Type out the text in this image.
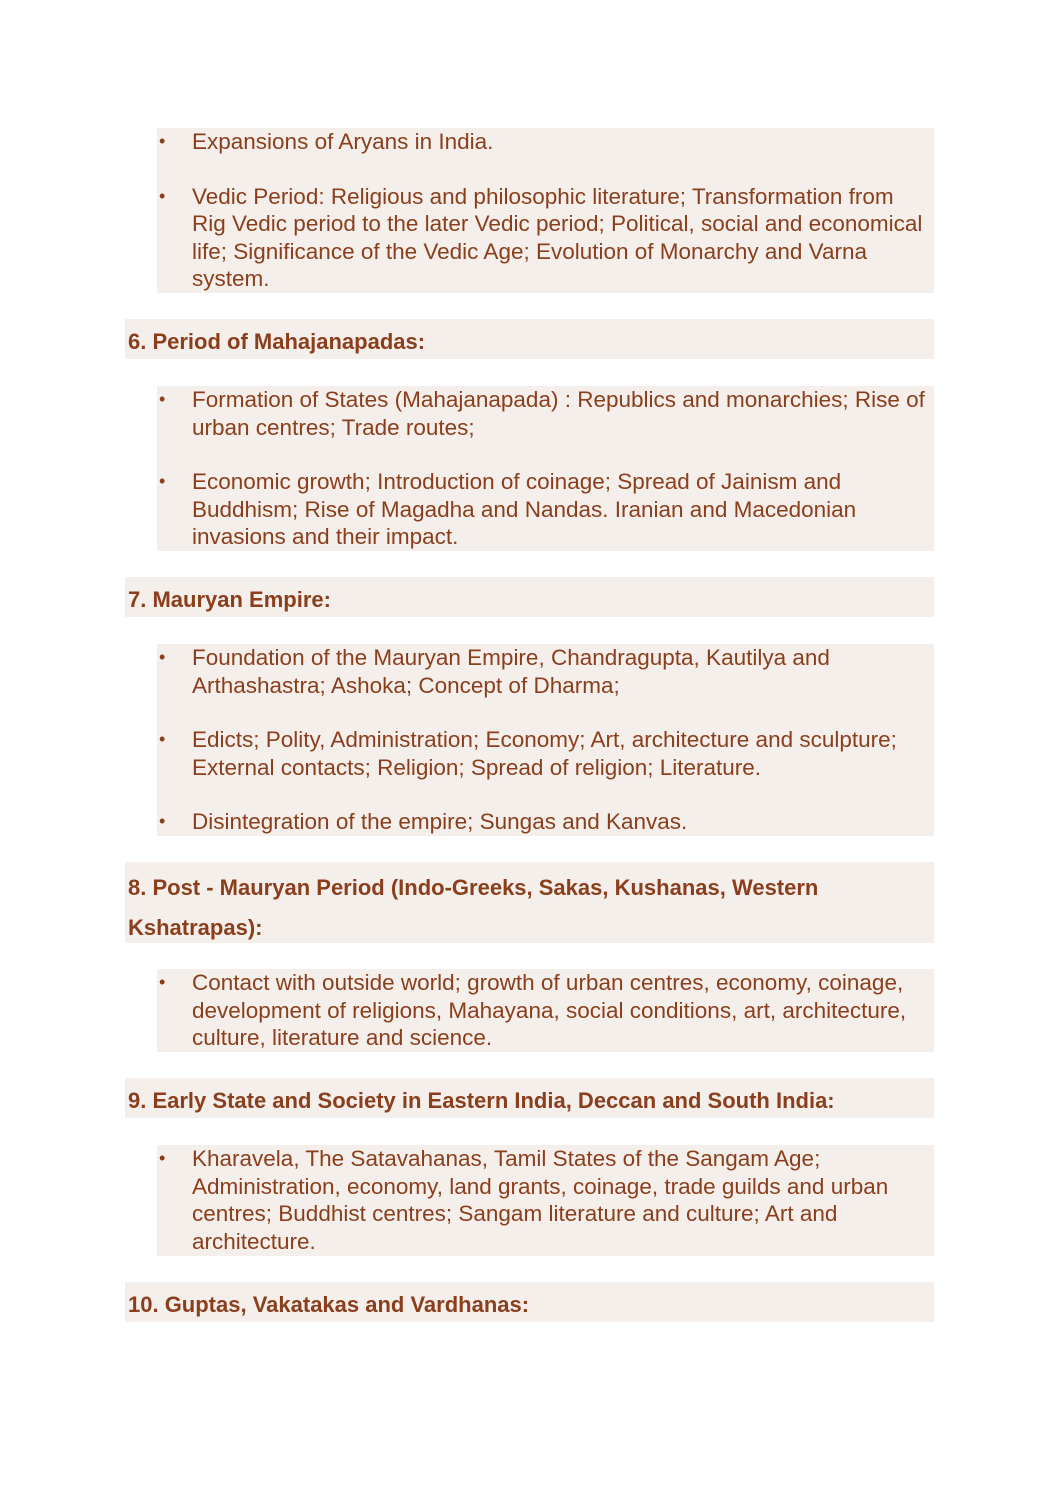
• Expansions of Aryans in India.
• Vedic Period: Religious and philosophic literature; Transformation from Rig Vedic period to the later Vedic period; Political, social and economical life; Significance of the Vedic Age; Evolution of Monarchy and Varna system.
6. Period of Mahajanapadas:
• Formation of States (Mahajanapada) : Republics and monarchies; Rise of urban centres; Trade routes;
• Economic growth; Introduction of coinage; Spread of Jainism and Buddhism; Rise of Magadha and Nandas. Iranian and Macedonian invasions and their impact.
7. Mauryan Empire:
• Foundation of the Mauryan Empire, Chandragupta, Kautilya and Arthashastra; Ashoka; Concept of Dharma;
• Edicts; Polity, Administration; Economy; Art, architecture and sculpture; External contacts; Religion; Spread of religion; Literature.
• Disintegration of the empire; Sungas and Kanvas.
8. Post - Mauryan Period (Indo-Greeks, Sakas, Kushanas, Western Kshatrapas):
• Contact with outside world; growth of urban centres, economy, coinage, development of religions, Mahayana, social conditions, art, architecture, culture, literature and science.
9. Early State and Society in Eastern India, Deccan and South India:
• Kharavela, The Satavahanas, Tamil States of the Sangam Age; Administration, economy, land grants, coinage, trade guilds and urban centres; Buddhist centres; Sangam literature and culture; Art and architecture.
10. Guptas, Vakatakas and Vardhanas:
